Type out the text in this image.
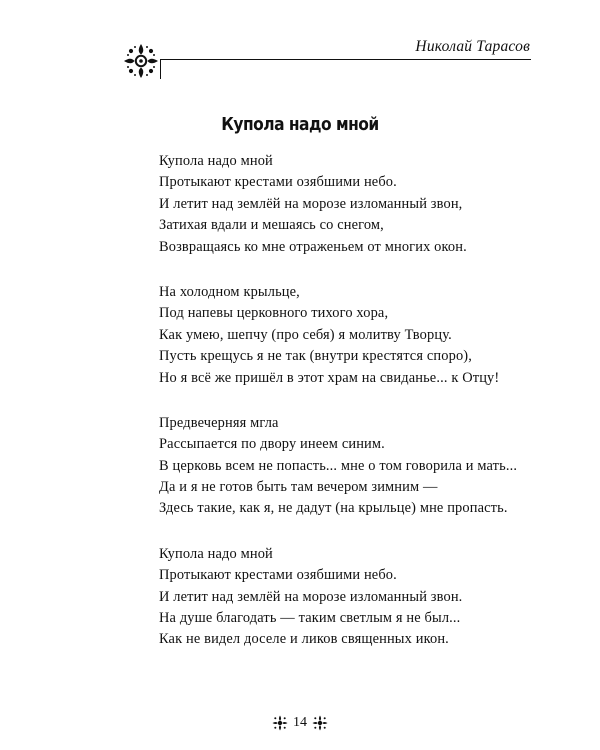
Николай Тарасов
Купола надо мной
Купола надо мной
Протыкают крестами озябшими небо.
И летит над землёй на морозе изломанный звон,
Затихая вдали и мешаясь со снегом,
Возвращаясь ко мне отраженьем от многих окон.
На холодном крыльце,
Под напевы церковного тихого хора,
Как умею, шепчу (про себя) я молитву Творцу.
Пусть крещусь я не так (внутри крестятся споро),
Но я всё же пришёл в этот храм на свиданье... к Отцу!
Предвечерняя мгла
Рассыпается по двору инеем синим.
В церковь всем не попасть... мне о том говорила и мать...
Да и я не готов быть там вечером зимним —
Здесь такие, как я, не дадут (на крыльце) мне пропасть.
Купола надо мной
Протыкают крестами озябшими небо.
И летит над землёй на морозе изломанный звон.
На душе благодать — таким светлым я не был...
Как не видел доселе и ликов священных икон.
14
